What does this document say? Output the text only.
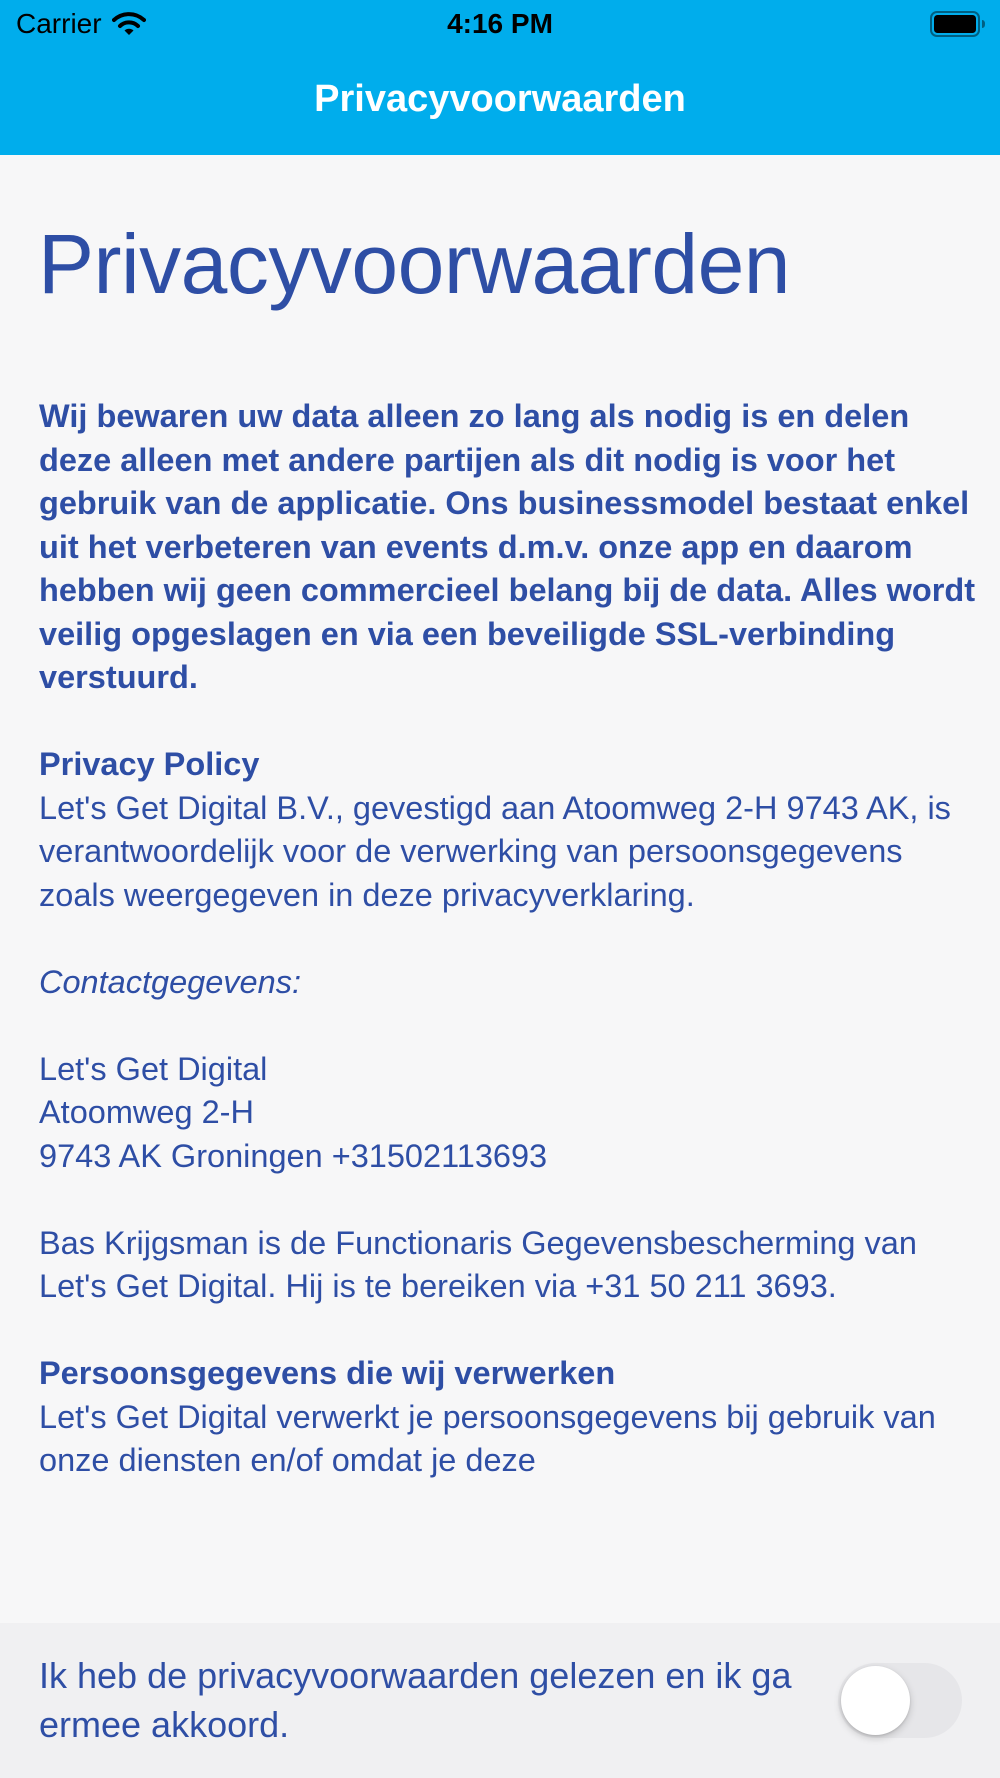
Carrier	4:16 PM
Privacyvoorwaarden
Privacyvoorwaarden

Wij bewaren uw data alleen zo lang als nodig is en delen deze alleen met andere partijen als dit nodig is voor het gebruik van de applicatie. Ons businessmodel bestaat enkel uit het verbeteren van events d.m.v. onze app en daarom hebben wij geen commercieel belang bij de data. Alles wordt veilig opgeslagen en via een beveiligde SSL-verbinding verstuurd.

Privacy Policy
Let's Get Digital B.V., gevestigd aan Atoomweg 2-H 9743 AK, is verantwoordelijk voor de verwerking van persoonsgegevens zoals weergegeven in deze privacyverklaring.

Contactgegevens:

Let's Get Digital
Atoomweg 2-H
9743 AK Groningen +31502113693

Bas Krijgsman is de Functionaris Gegevensbescherming van Let's Get Digital. Hij is te bereiken via +31 50 211 3693.

Persoonsgegevens die wij verwerken
Let's Get Digital verwerkt je persoonsgegevens bij gebruik van onze diensten en/of omdat je deze

Ik heb de privacyvoorwaarden gelezen en ik ga ermee akkoord.
